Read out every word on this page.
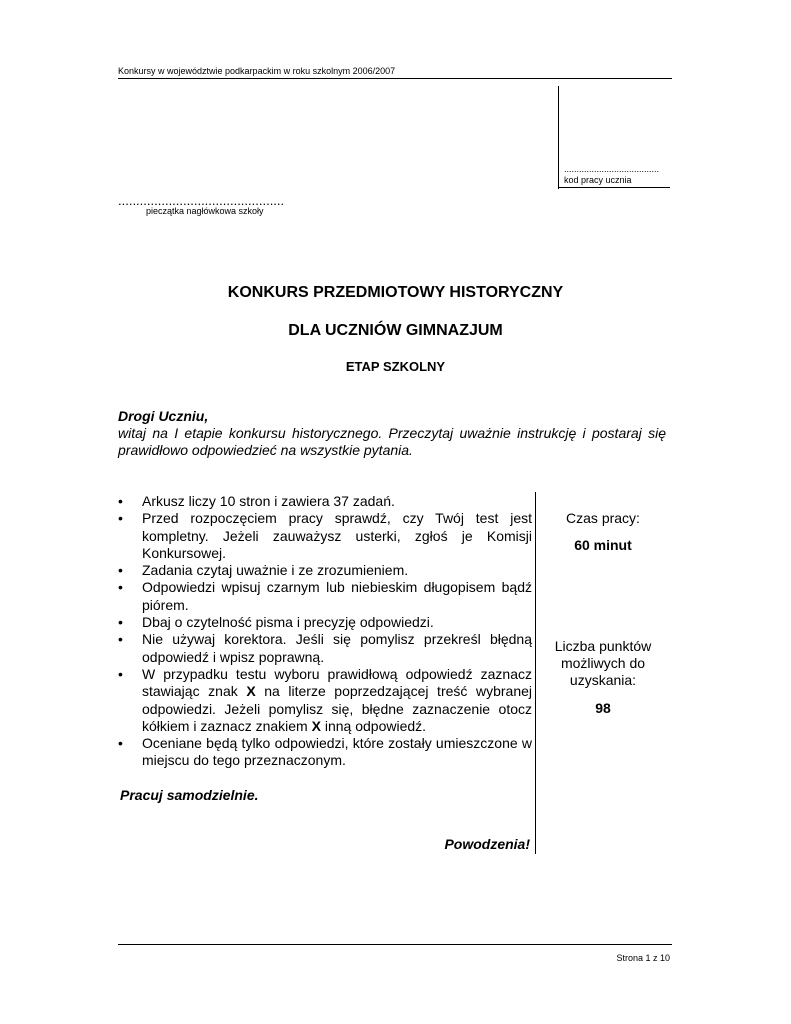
Konkursy w województwie podkarpackim w roku szkolnym 2006/2007
......................................
kod pracy ucznia
..............................................
pieczątka nagłówkowa szkoły
KONKURS PRZEDMIOTOWY HISTORYCZNY
DLA UCZNIÓW GIMNAZJUM
ETAP SZKOLNY
Drogi Uczniu,
witaj na I etapie konkursu historycznego. Przeczytaj uważnie instrukcję i postaraj się prawidłowo odpowiedzieć na wszystkie pytania.
• Arkusz liczy 10 stron i zawiera 37 zadań.
• Przed rozpoczęciem pracy sprawdź, czy Twój test jest kompletny. Jeżeli zauważysz usterki, zgłoś je Komisji Konkursowej.
• Zadania czytaj uważnie i ze zrozumieniem.
• Odpowiedzi wpisuj czarnym lub niebieskim długopisem bądź piórem.
• Dbaj o czytelność pisma i precyzję odpowiedzi.
• Nie używaj korektora. Jeśli się pomylisz przekreśl błędną odpowiedź i wpisz poprawną.
• W przypadku testu wyboru prawidłową odpowiedź zaznacz stawiając znak X na literze poprzedzającej treść wybranej odpowiedzi. Jeżeli pomylisz się, błędne zaznaczenie otocz kółkiem i zaznacz znakiem X inną odpowiedź.
• Oceniane będą tylko odpowiedzi, które zostały umieszczone w miejscu do tego przeznaczonym.
Czas pracy:
60 minut
Liczba punktów możliwych do uzyskania:
98
Pracuj samodzielnie.
Powodzenia!
Strona 1 z 10
